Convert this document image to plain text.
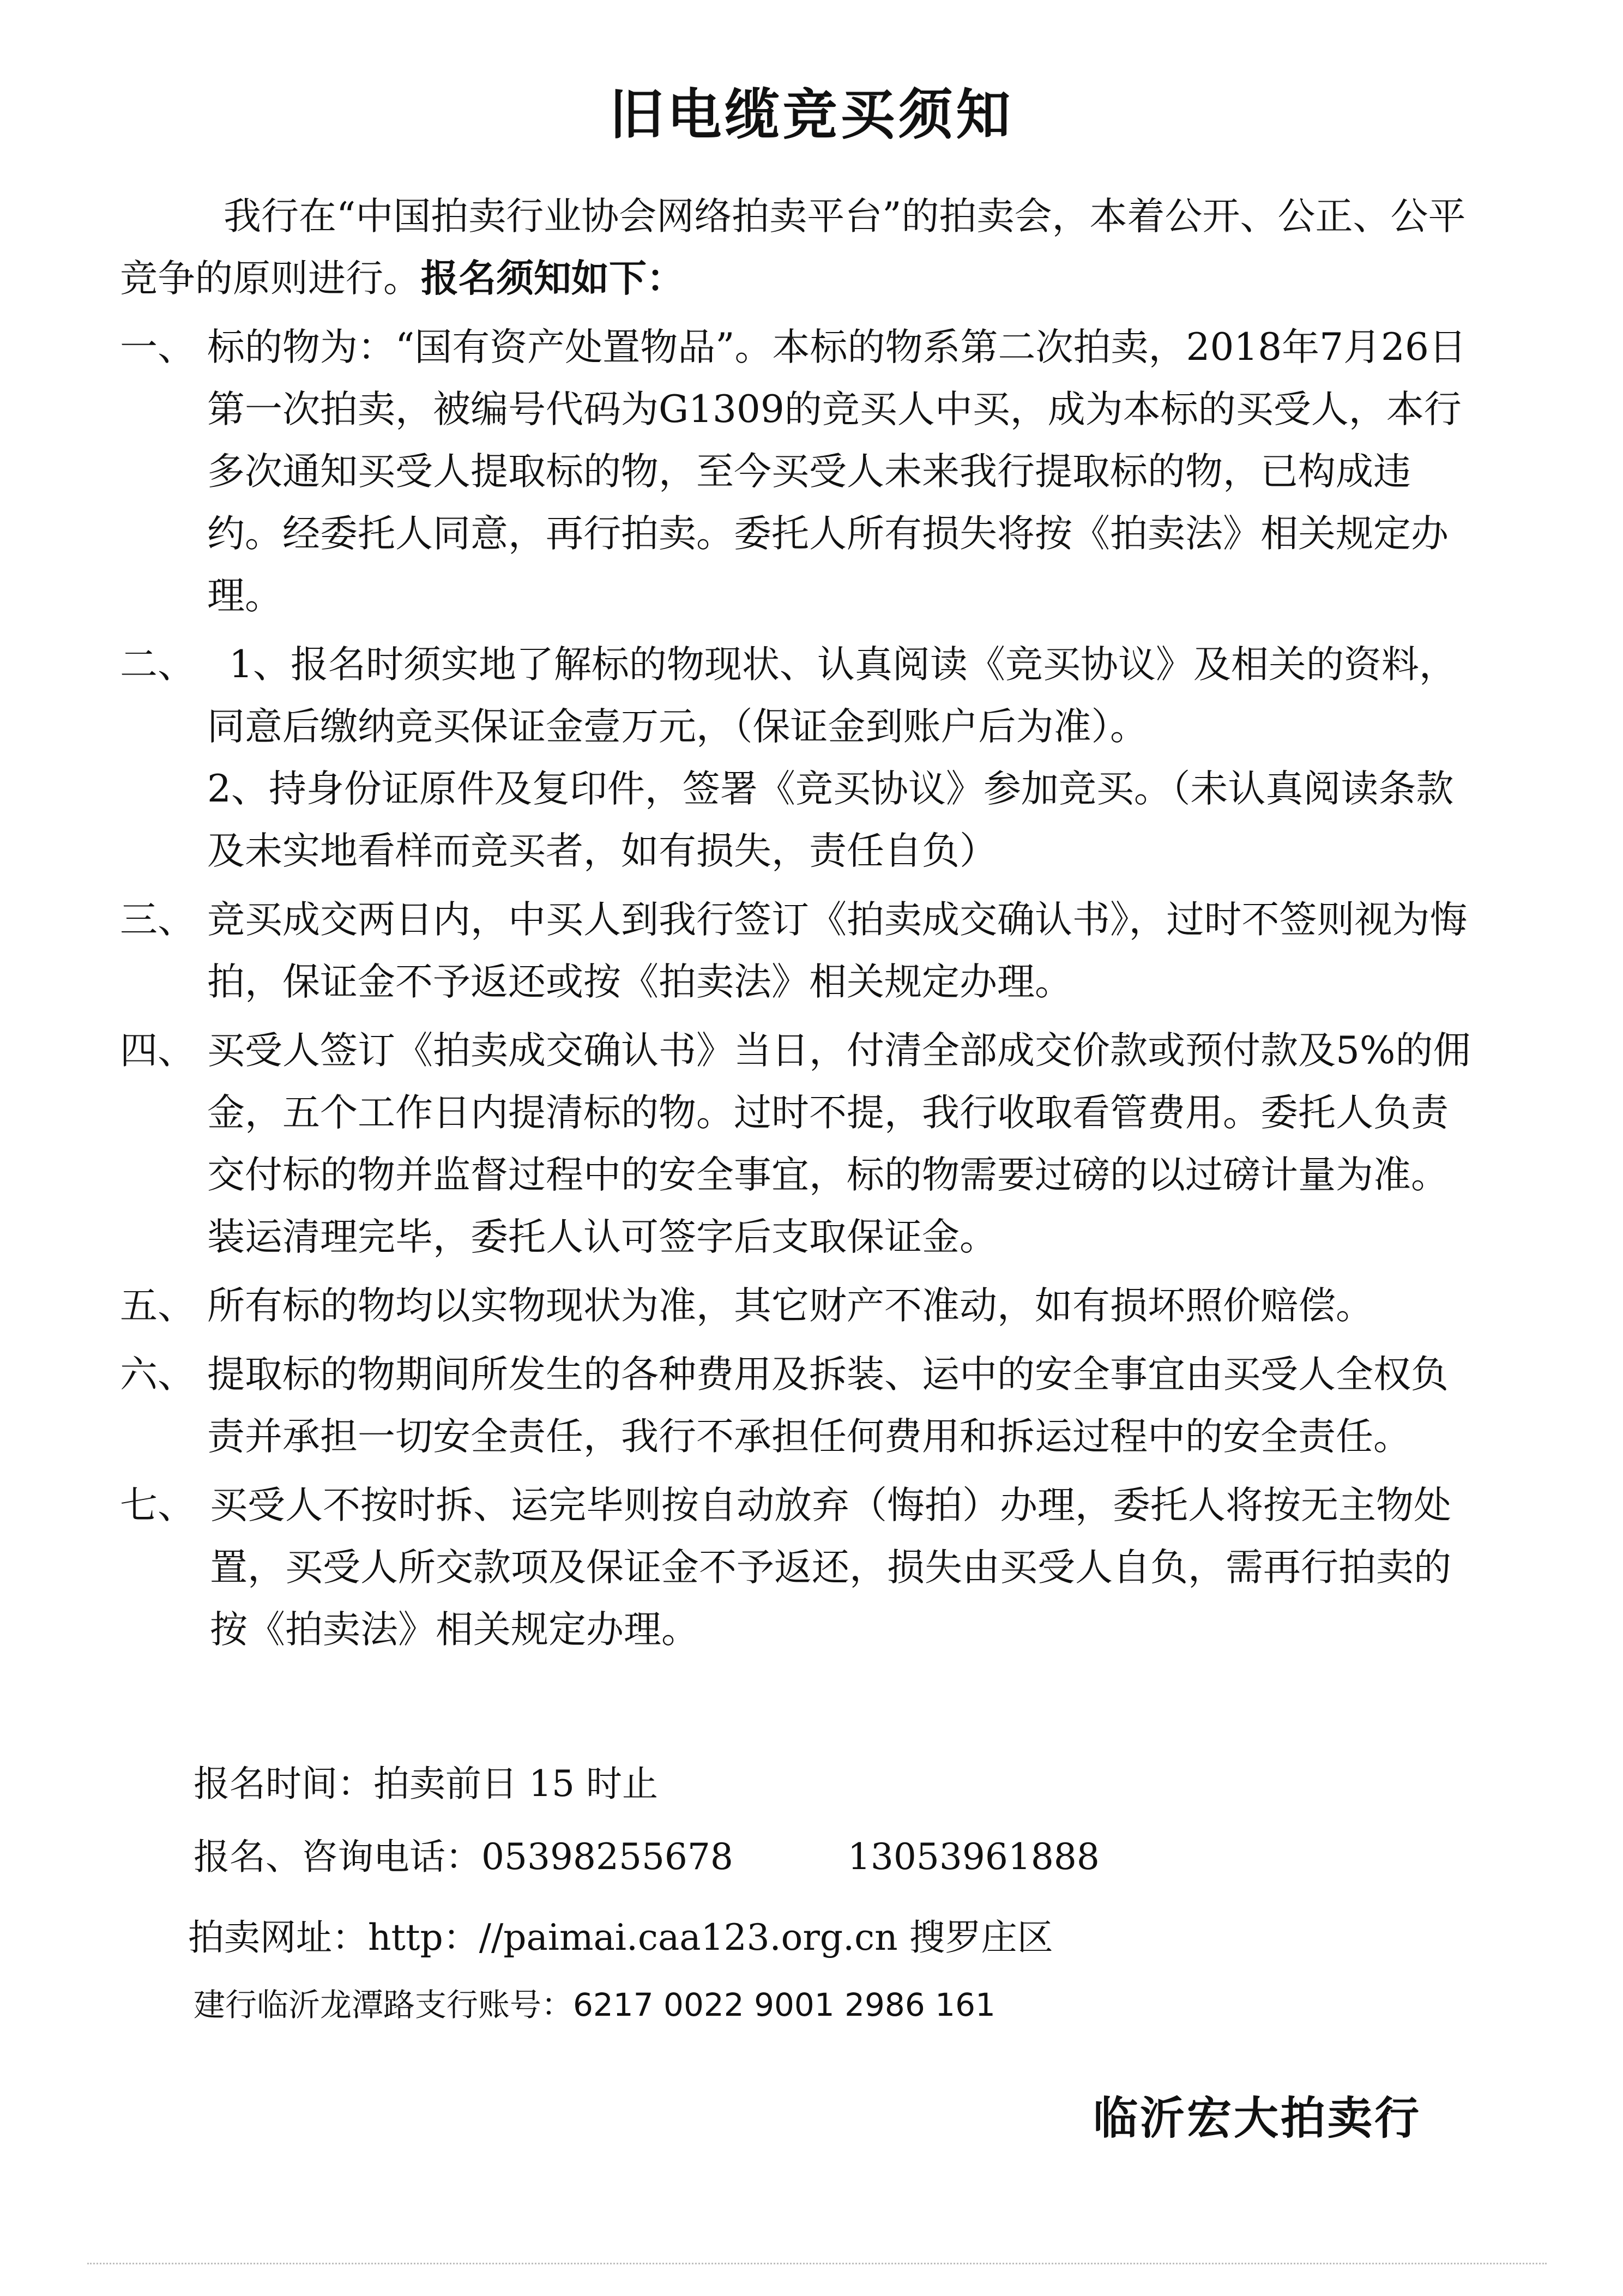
旧电缆竞买须知

我行在“中国拍卖行业协会网络拍卖平台”的拍卖会，本着公开、公正、公平竞争的原则进行。报名须知如下：

一、 标的物为：“国有资产处置物品”。本标的物系第二次拍卖，2018年7月26日第一次拍卖，被编号代码为G1309的竞买人中买，成为本标的买受人，本行多次通知买受人提取标的物，至今买受人未来我行提取标的物，已构成违约。经委托人同意，再行拍卖。委托人所有损失将按《拍卖法》相关规定办理。

二、 1、报名时须实地了解标的物现状、认真阅读《竞买协议》及相关的资料，同意后缴纳竞买保证金壹万元，（保证金到账户后为准）。

2、持身份证原件及复印件，签署《竞买协议》参加竞买。（未认真阅读条款及未实地看样而竞买者，如有损失，责任自负）

三、 竞买成交两日内，中买人到我行签订《拍卖成交确认书》，过时不签则视为悔拍，保证金不予返还或按《拍卖法》相关规定办理。

四、 买受人签订《拍卖成交确认书》当日，付清全部成交价款或预付款及5%的佣金，五个工作日内提清标的物。过时不提，我行收取看管费用。委托人负责交付标的物并监督过程中的安全事宜，标的物需要过磅的以过磅计量为准。装运清理完毕，委托人认可签字后支取保证金。

五、 所有标的物均以实物现状为准，其它财产不准动，如有损坏照价赔偿。

六、 提取标的物期间所发生的各种费用及拆装、运中的安全事宜由买受人全权负责并承担一切安全责任，我行不承担任何费用和拆运过程中的安全责任。

七、 买受人不按时拆、运完毕则按自动放弃（悔拍）办理，委托人将按无主物处置，买受人所交款项及保证金不予返还，损失由买受人自负，需再行拍卖的按《拍卖法》相关规定办理。

报名时间：拍卖前日 15 时止
报名、咨询电话：05398255678	13053961888
拍卖网址：http：//paimai.caa123.org.cn 搜罗庄区
建行临沂龙潭路支行账号：6217 0022 9001 2986 161
临沂宏大拍卖行
